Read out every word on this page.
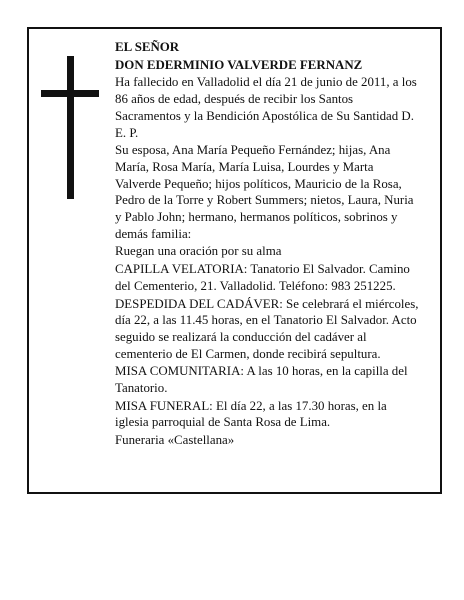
EL SEÑOR

DON EDERMINIO VALVERDE FERNANZ

Ha fallecido en Valladolid el día 21 de junio de 2011, a los 86 años de edad, después de recibir los Santos Sacramentos y la Bendición Apostólica de Su Santidad D. E. P.

Su esposa, Ana María Pequeño Fernández; hijas, Ana María, Rosa María, María Luisa, Lourdes y Marta Valverde Pequeño; hijos políticos, Mauricio de la Rosa, Pedro de la Torre y Robert Summers; nietos, Laura, Nuria y Pablo John; hermano, hermanos políticos, sobrinos y demás familia:

Ruegan una oración por su alma

CAPILLA VELATORIA: Tanatorio El Salvador. Camino del Cementerio, 21. Valladolid. Teléfono: 983 251225.

DESPEDIDA DEL CADÁVER: Se celebrará el miércoles, día 22, a las 11.45 horas, en el Tanatorio El Salvador. Acto seguido se realizará la conducción del cadáver al cementerio de El Carmen, donde recibirá sepultura.

MISA COMUNITARIA: A las 10 horas, en la capilla del Tanatorio.

MISA FUNERAL: El día 22, a las 17.30 horas, en la iglesia parroquial de Santa Rosa de Lima.

Funeraria «Castellana»
